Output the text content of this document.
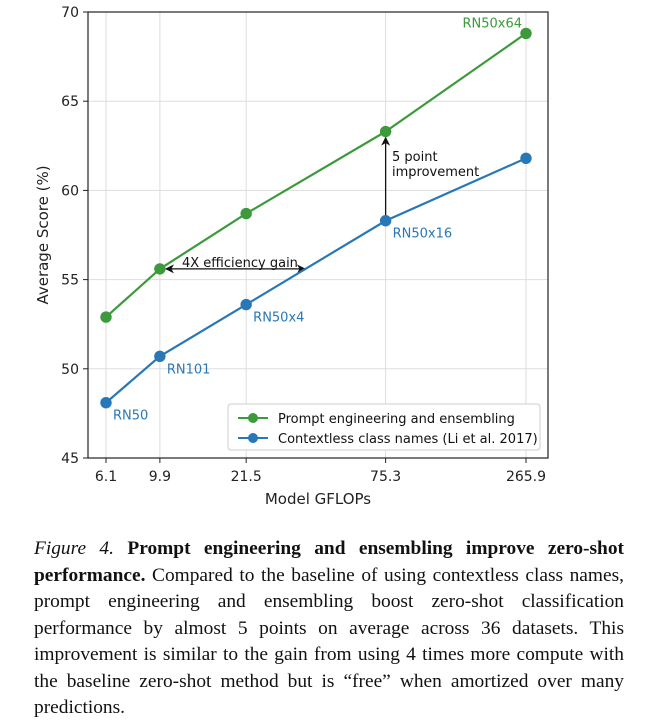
RN50x64
RN50
RN101
RN50x4
RN50x16
45
50
55
60
65
70
6.1 9.9	21.5	75.3	265.9
Model GFLOPs
Average Score (%)	4X efficiency gain
5 point
improvement
Prompt engineering and ensembling
Contextless class names (Li et al. 2017)
Figure 4. Prompt engineering and ensembling improve zero-shot performance. Compared to the baseline of using contextless class names, prompt engineering and ensembling boost zero-shot classification performance by almost 5 points on average across 36 datasets. This improvement is similar to the gain from using 4 times more compute with the baseline zero-shot method but is “free” when amortized over many predictions.
